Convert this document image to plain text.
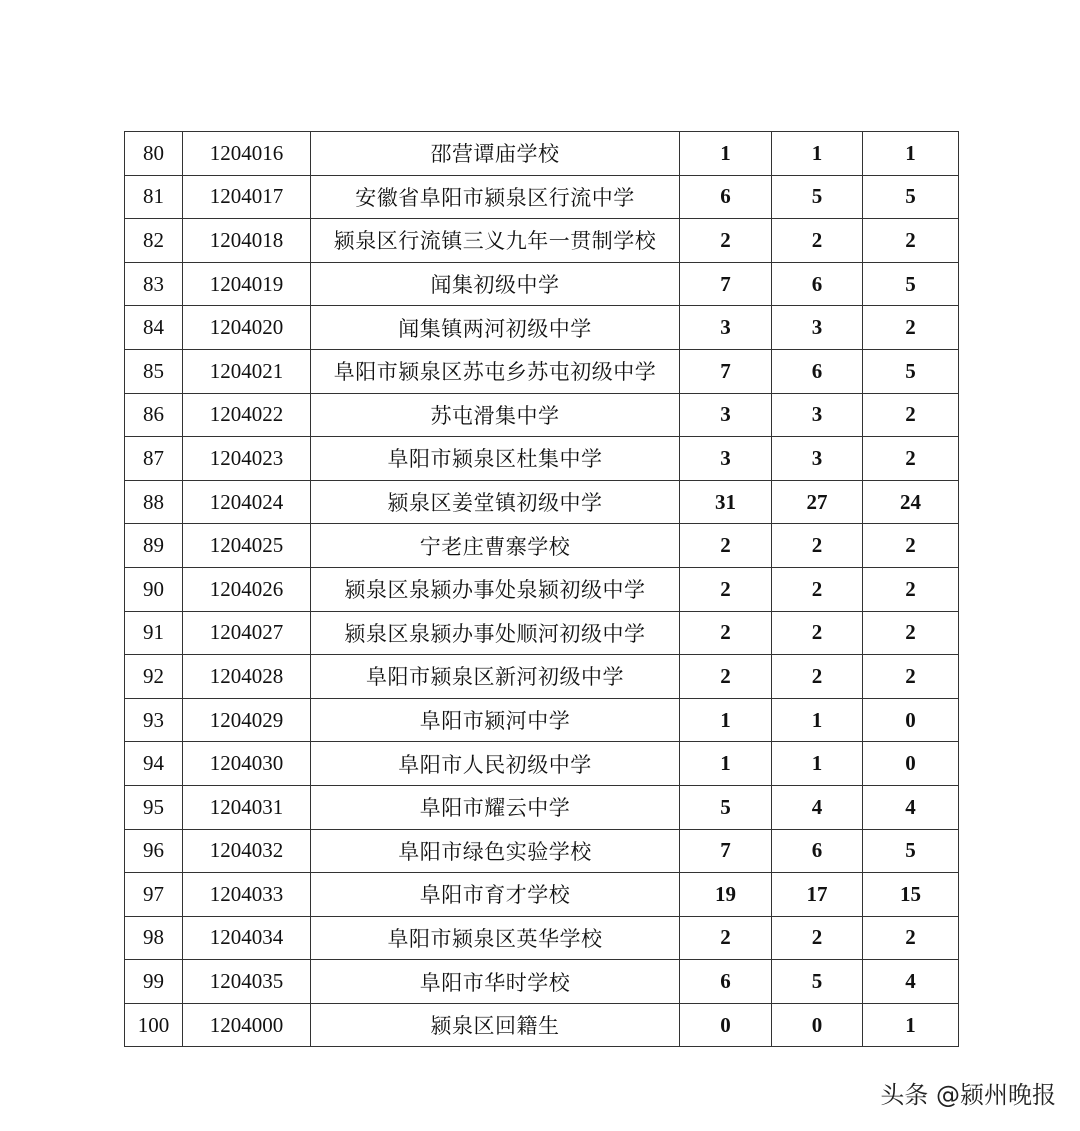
80	1204016	邵营谭庙学校	1	1	1
81	1204017	安徽省阜阳市颍泉区行流中学	6	5	5
82	1204018	颍泉区行流镇三义九年一贯制学校	2	2	2
83	1204019	闻集初级中学	7	6	5
84	1204020	闻集镇两河初级中学	3	3	2
85	1204021	阜阳市颍泉区苏屯乡苏屯初级中学	7	6	5
86	1204022	苏屯滑集中学	3	3	2
87	1204023	阜阳市颍泉区杜集中学	3	3	2
88	1204024	颍泉区姜堂镇初级中学	31	27	24
89	1204025	宁老庄曹寨学校	2	2	2
90	1204026	颍泉区泉颍办事处泉颍初级中学	2	2	2
91	1204027	颍泉区泉颍办事处顺河初级中学	2	2	2
92	1204028	阜阳市颍泉区新河初级中学	2	2	2
93	1204029	阜阳市颍河中学	1	1	0
94	1204030	阜阳市人民初级中学	1	1	0
95	1204031	阜阳市耀云中学	5	4	4
96	1204032	阜阳市绿色实验学校	7	6	5
97	1204033	阜阳市育才学校	19	17	15
98	1204034	阜阳市颍泉区英华学校	2	2	2
99	1204035	阜阳市华时学校	6	5	4
100	1204000	颍泉区回籍生	0	0	1
头条 @颍州晚报
